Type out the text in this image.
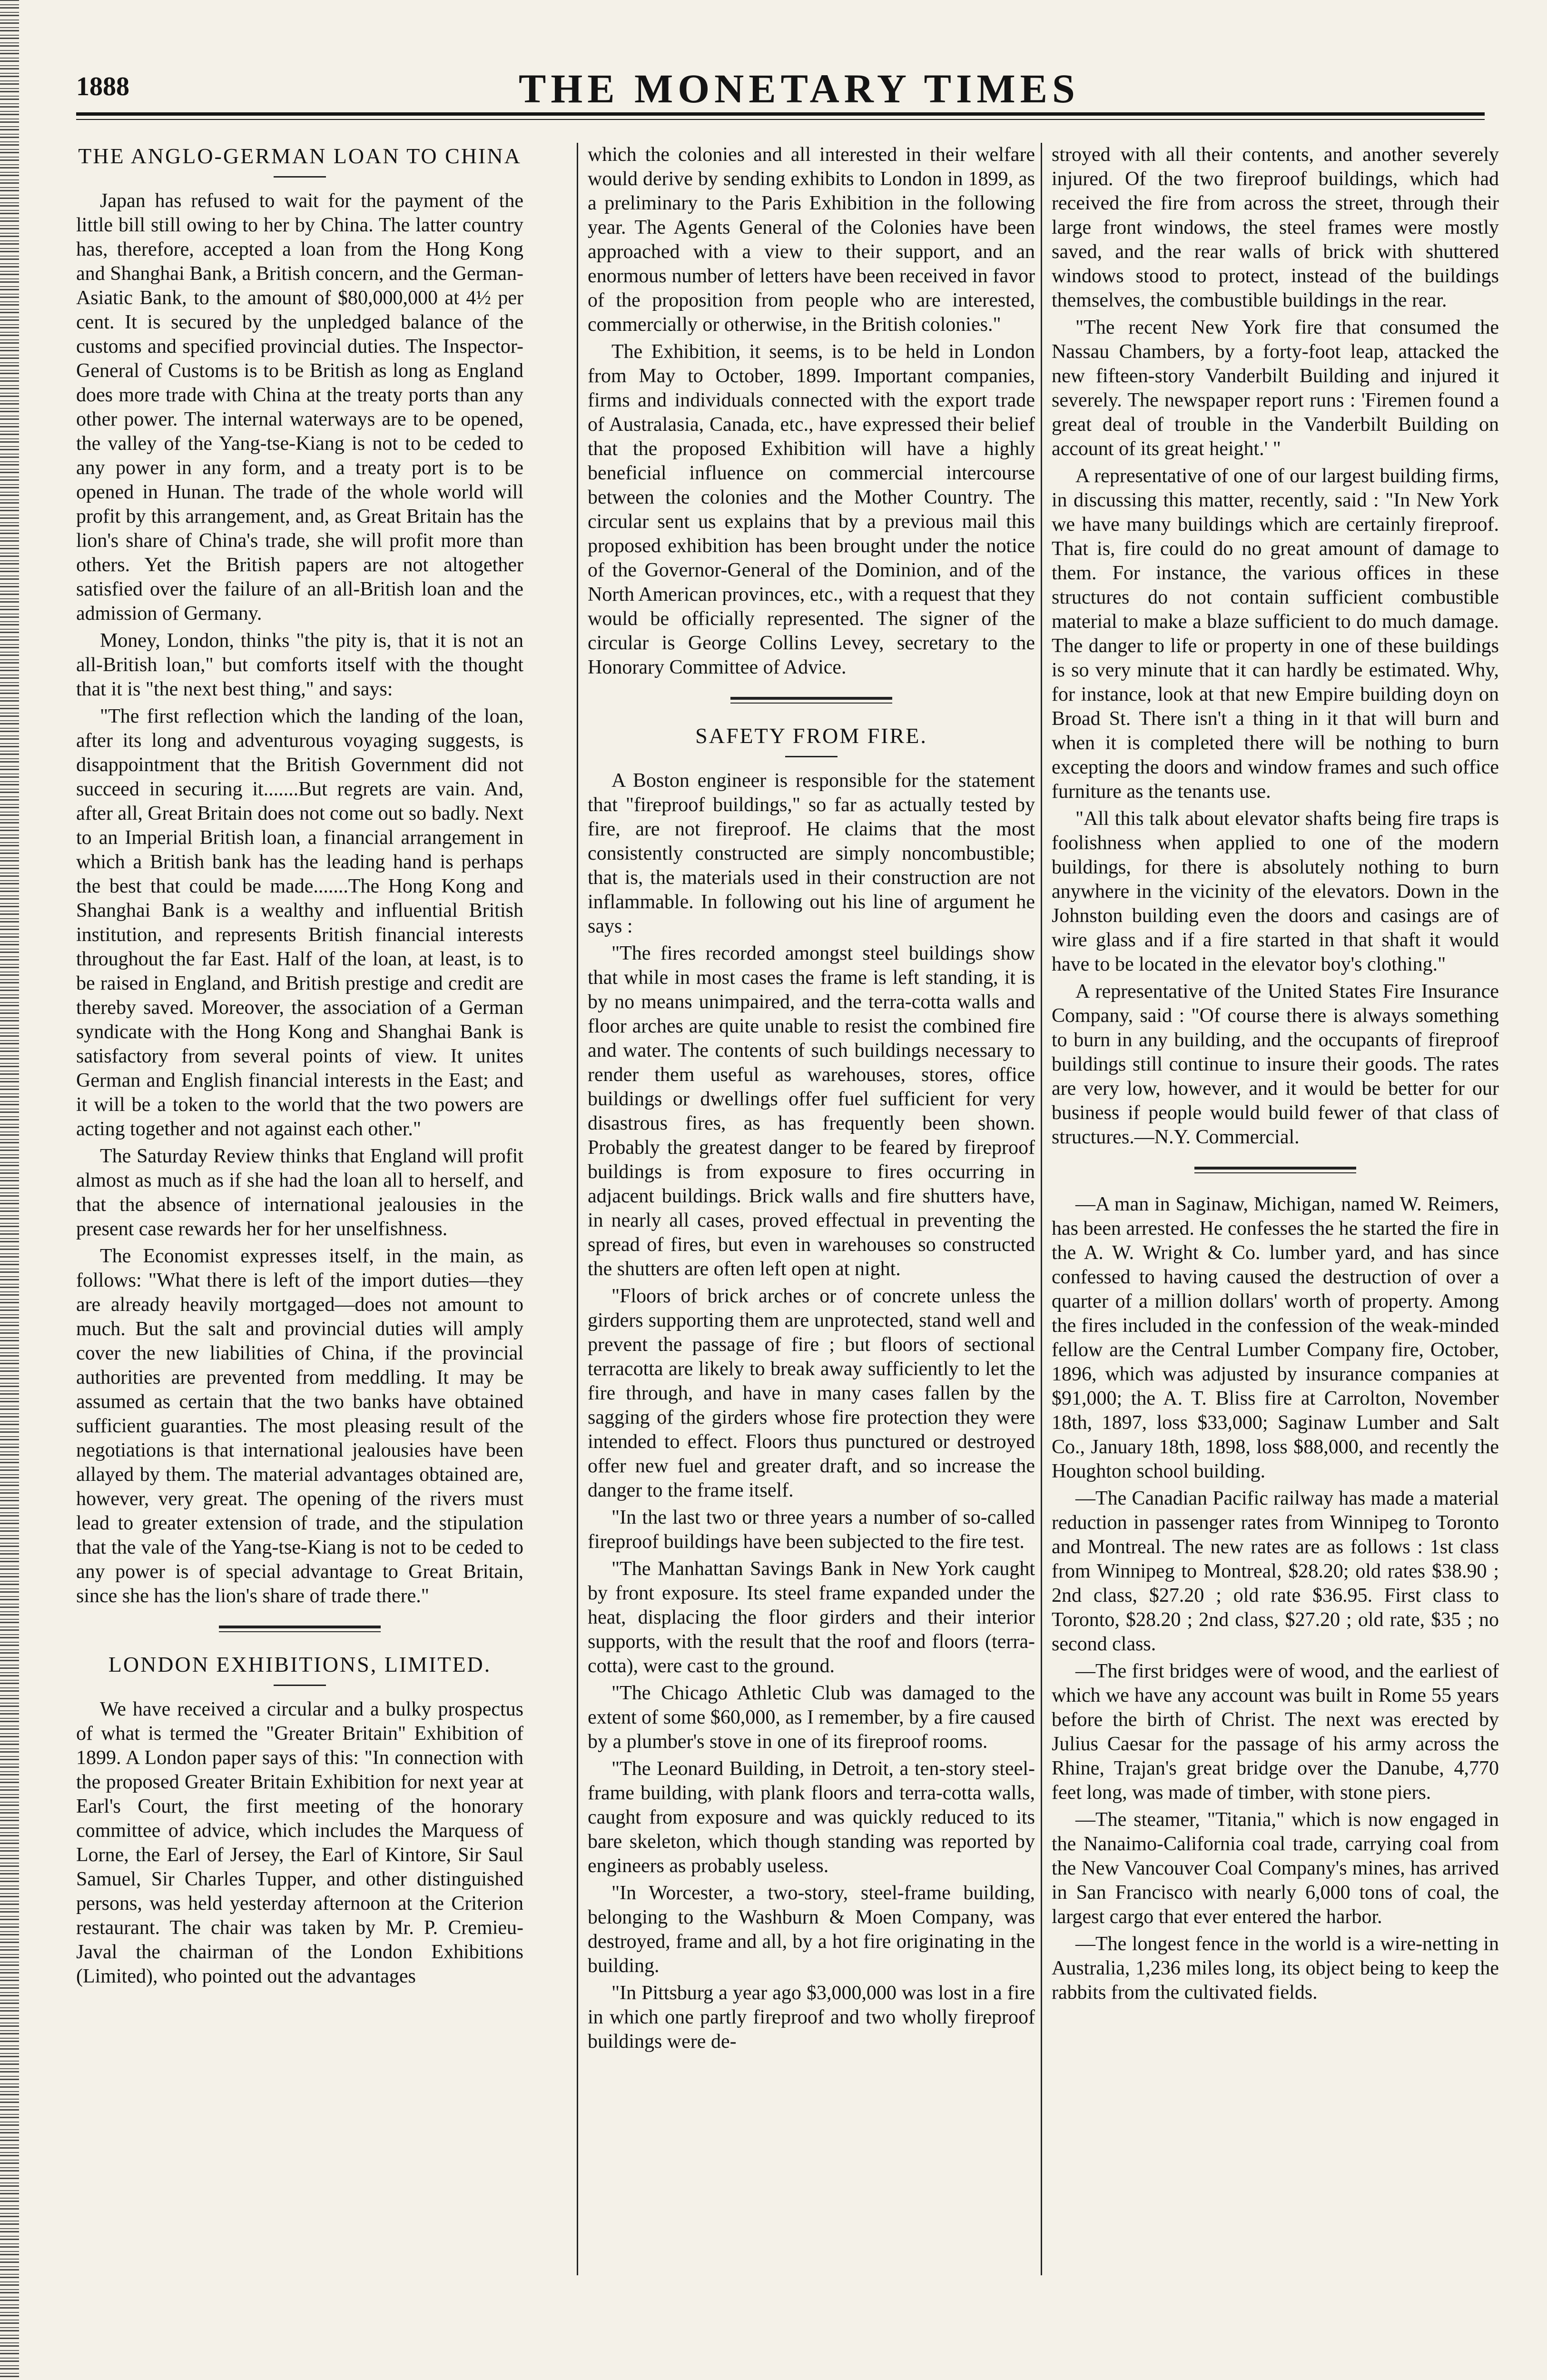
1888	THE MONETARY TIMES
THE ANGLO-GERMAN LOAN TO CHINA

Japan has refused to wait for the payment of the little bill still owing to her by China. The latter country has, therefore, accepted a loan from the Hong Kong and Shanghai Bank, a British concern, and the German-Asiatic Bank, to the amount of $80,000,000 at 4½ per cent. It is secured by the unpledged balance of the customs and specified provincial duties. The Inspector-General of Customs is to be British as long as England does more trade with China at the treaty ports than any other power. The internal waterways are to be opened, the valley of the Yang-tse-Kiang is not to be ceded to any power in any form, and a treaty port is to be opened in Hunan. The trade of the whole world will profit by this arrangement, and, as Great Britain has the lion's share of China's trade, she will profit more than others. Yet the British papers are not altogether satisfied over the failure of an all-British loan and the admission of Germany.

Money, London, thinks "the pity is, that it is not an all-British loan," but comforts itself with the thought that it is "the next best thing," and says:

"The first reflection which the landing of the loan, after its long and adventurous voyaging suggests, is disappointment that the British Government did not succeed in securing it.......But regrets are vain. And, after all, Great Britain does not come out so badly. Next to an Imperial British loan, a financial arrangement in which a British bank has the leading hand is perhaps the best that could be made.......The Hong Kong and Shanghai Bank is a wealthy and influential British institution, and represents British financial interests throughout the far East. Half of the loan, at least, is to be raised in England, and British prestige and credit are thereby saved. Moreover, the association of a German syndicate with the Hong Kong and Shanghai Bank is satisfactory from several points of view. It unites German and English financial interests in the East; and it will be a token to the world that the two powers are acting together and not against each other."

The Saturday Review thinks that England will profit almost as much as if she had the loan all to herself, and that the absence of international jealousies in the present case rewards her for her unselfishness.

The Economist expresses itself, in the main, as follows: "What there is left of the import duties—they are already heavily mortgaged—does not amount to much. But the salt and provincial duties will amply cover the new liabilities of China, if the provincial authorities are prevented from meddling. It may be assumed as certain that the two banks have obtained sufficient guaranties. The most pleasing result of the negotiations is that international jealousies have been allayed by them. The material advantages obtained are, however, very great. The opening of the rivers must lead to greater extension of trade, and the stipulation that the vale of the Yang-tse-Kiang is not to be ceded to any power is of special advantage to Great Britain, since she has the lion's share of trade there."

LONDON EXHIBITIONS, LIMITED.

We have received a circular and a bulky prospectus of what is termed the "Greater Britain" Exhibition of 1899. A London paper says of this: "In connection with the proposed Greater Britain Exhibition for next year at Earl's Court, the first meeting of the honorary committee of advice, which includes the Marquess of Lorne, the Earl of Jersey, the Earl of Kintore, Sir Saul Samuel, Sir Charles Tupper, and other distinguished persons, was held yesterday afternoon at the Criterion restaurant. The chair was taken by Mr. P. Cremieu-Javal the chairman of the London Exhibitions (Limited), who pointed out the advantages

which the colonies and all interested in their welfare would derive by sending exhibits to London in 1899, as a preliminary to the Paris Exhibition in the following year. The Agents General of the Colonies have been approached with a view to their support, and an enormous number of letters have been received in favor of the proposition from people who are interested, commercially or otherwise, in the British colonies."

The Exhibition, it seems, is to be held in London from May to October, 1899. Important companies, firms and individuals connected with the export trade of Australasia, Canada, etc., have expressed their belief that the proposed Exhibition will have a highly beneficial influence on commercial intercourse between the colonies and the Mother Country. The circular sent us explains that by a previous mail this proposed exhibition has been brought under the notice of the Governor-General of the Dominion, and of the North American provinces, etc., with a request that they would be officially represented. The signer of the circular is George Collins Levey, secretary to the Honorary Committee of Advice.

SAFETY FROM FIRE.

A Boston engineer is responsible for the statement that "fireproof buildings," so far as actually tested by fire, are not fireproof. He claims that the most consistently constructed are simply noncombustible; that is, the materials used in their construction are not inflammable. In following out his line of argument he says :

"The fires recorded amongst steel buildings show that while in most cases the frame is left standing, it is by no means unimpaired, and the terra-cotta walls and floor arches are quite unable to resist the combined fire and water. The contents of such buildings necessary to render them useful as warehouses, stores, office buildings or dwellings offer fuel sufficient for very disastrous fires, as has frequently been shown. Probably the greatest danger to be feared by fireproof buildings is from exposure to fires occurring in adjacent buildings. Brick walls and fire shutters have, in nearly all cases, proved effectual in preventing the spread of fires, but even in warehouses so constructed the shutters are often left open at night.

"Floors of brick arches or of concrete unless the girders supporting them are unprotected, stand well and prevent the passage of fire ; but floors of sectional terracotta are likely to break away sufficiently to let the fire through, and have in many cases fallen by the sagging of the girders whose fire protection they were intended to effect. Floors thus punctured or destroyed offer new fuel and greater draft, and so increase the danger to the frame itself.

"In the last two or three years a number of so-called fireproof buildings have been subjected to the fire test.

"The Manhattan Savings Bank in New York caught by front exposure. Its steel frame expanded under the heat, displacing the floor girders and their interior supports, with the result that the roof and floors (terra-cotta), were cast to the ground.

"The Chicago Athletic Club was damaged to the extent of some $60,000, as I remember, by a fire caused by a plumber's stove in one of its fireproof rooms.

"The Leonard Building, in Detroit, a ten-story steel-frame building, with plank floors and terra-cotta walls, caught from exposure and was quickly reduced to its bare skeleton, which though standing was reported by engineers as probably useless.

"In Worcester, a two-story, steel-frame building, belonging to the Washburn & Moen Company, was destroyed, frame and all, by a hot fire originating in the building.

"In Pittsburg a year ago $3,000,000 was lost in a fire in which one partly fireproof and two wholly fireproof buildings were de-

stroyed with all their contents, and another severely injured. Of the two fireproof buildings, which had received the fire from across the street, through their large front windows, the steel frames were mostly saved, and the rear walls of brick with shuttered windows stood to protect, instead of the buildings themselves, the combustible buildings in the rear.

"The recent New York fire that consumed the Nassau Chambers, by a forty-foot leap, attacked the new fifteen-story Vanderbilt Building and injured it severely. The newspaper report runs : 'Firemen found a great deal of trouble in the Vanderbilt Building on account of its great height.' "

A representative of one of our largest building firms, in discussing this matter, recently, said : "In New York we have many buildings which are certainly fireproof. That is, fire could do no great amount of damage to them. For instance, the various offices in these structures do not contain sufficient combustible material to make a blaze sufficient to do much damage. The danger to life or property in one of these buildings is so very minute that it can hardly be estimated. Why, for instance, look at that new Empire building doyn on Broad St. There isn't a thing in it that will burn and when it is completed there will be nothing to burn excepting the doors and window frames and such office furniture as the tenants use.

"All this talk about elevator shafts being fire traps is foolishness when applied to one of the modern buildings, for there is absolutely nothing to burn anywhere in the vicinity of the elevators. Down in the Johnston building even the doors and casings are of wire glass and if a fire started in that shaft it would have to be located in the elevator boy's clothing."

A representative of the United States Fire Insurance Company, said : "Of course there is always something to burn in any building, and the occupants of fireproof buildings still continue to insure their goods. The rates are very low, however, and it would be better for our business if people would build fewer of that class of structures.—N.Y. Commercial.

—A man in Saginaw, Michigan, named W. Reimers, has been arrested. He confesses the he started the fire in the A. W. Wright & Co. lumber yard, and has since confessed to having caused the destruction of over a quarter of a million dollars' worth of property. Among the fires included in the confession of the weak-minded fellow are the Central Lumber Company fire, October, 1896, which was adjusted by insurance companies at $91,000; the A. T. Bliss fire at Carrolton, November 18th, 1897, loss $33,000; Saginaw Lumber and Salt Co., January 18th, 1898, loss $88,000, and recently the Houghton school building.

—The Canadian Pacific railway has made a material reduction in passenger rates from Winnipeg to Toronto and Montreal. The new rates are as follows : 1st class from Winnipeg to Montreal, $28.20; old rates $38.90 ; 2nd class, $27.20 ; old rate $36.95. First class to Toronto, $28.20 ; 2nd class, $27.20 ; old rate, $35 ; no second class.

—The first bridges were of wood, and the earliest of which we have any account was built in Rome 55 years before the birth of Christ. The next was erected by Julius Caesar for the passage of his army across the Rhine, Trajan's great bridge over the Danube, 4,770 feet long, was made of timber, with stone piers.

—The steamer, "Titania," which is now engaged in the Nanaimo-California coal trade, carrying coal from the New Vancouver Coal Company's mines, has arrived in San Francisco with nearly 6,000 tons of coal, the largest cargo that ever entered the harbor.

—The longest fence in the world is a wire-netting in Australia, 1,236 miles long, its object being to keep the rabbits from the cultivated fields.
